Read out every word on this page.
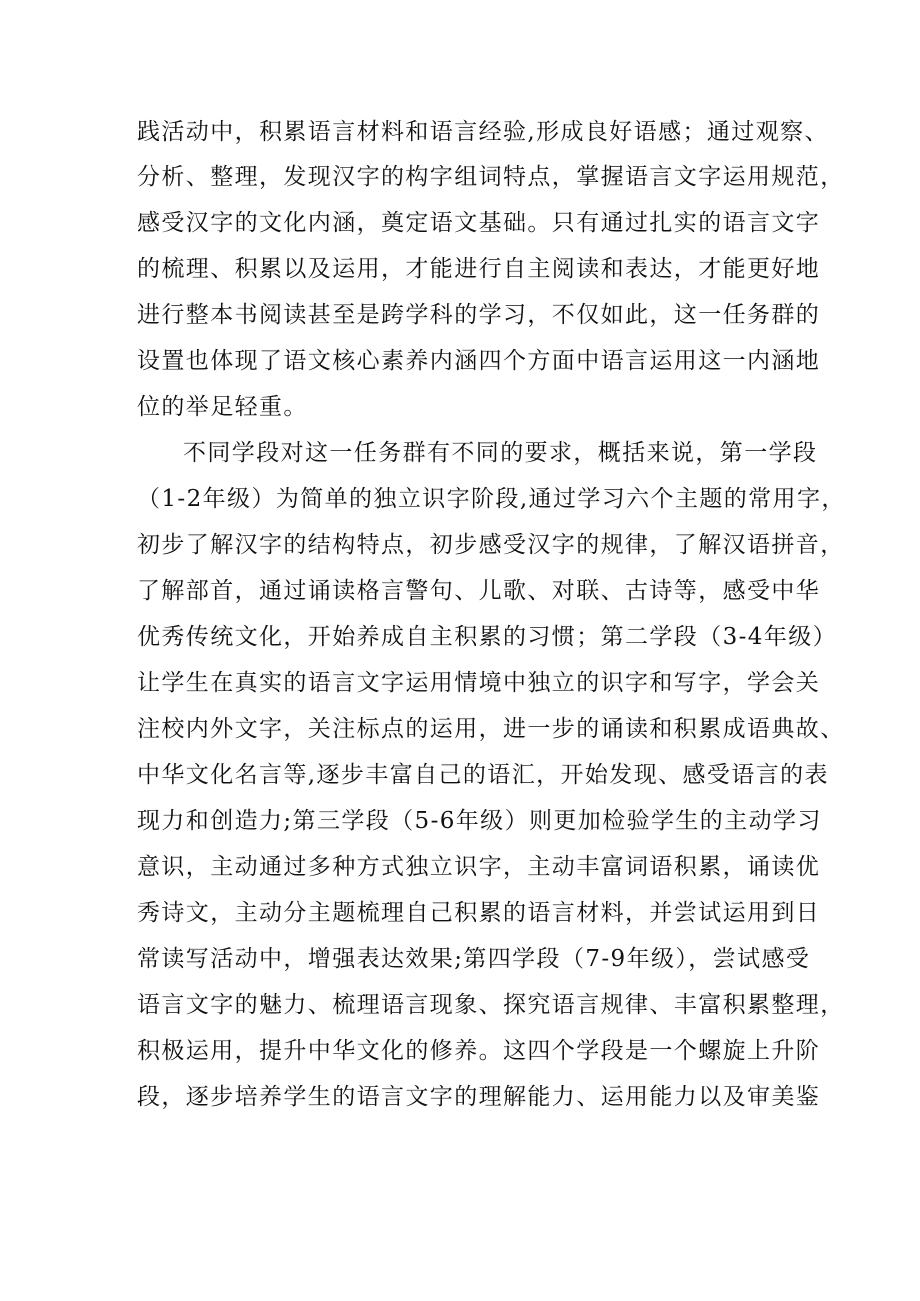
践活动中，积累语言材料和语言经验,形成良好语感；通过观察、
分析、整理，发现汉字的构字组词特点，掌握语言文字运用规范，
感受汉字的文化内涵，奠定语文基础。只有通过扎实的语言文字
的梳理、积累以及运用，才能进行自主阅读和表达，才能更好地
进行整本书阅读甚至是跨学科的学习，不仅如此，这一任务群的
设置也体现了语文核心素养内涵四个方面中语言运用这一内涵地
位的举足轻重。
不同学段对这一任务群有不同的要求，概括来说，第一学段
（1-2年级）为简单的独立识字阶段,通过学习六个主题的常用字，
初步了解汉字的结构特点，初步感受汉字的规律，了解汉语拼音，
了解部首，通过诵读格言警句、儿歌、对联、古诗等，感受中华
优秀传统文化，开始养成自主积累的习惯；第二学段（3-4年级）
让学生在真实的语言文字运用情境中独立的识字和写字，学会关
注校内外文字，关注标点的运用，进一步的诵读和积累成语典故、
中华文化名言等,逐步丰富自己的语汇，开始发现、感受语言的表
现力和创造力;第三学段（5-6年级）则更加检验学生的主动学习
意识，主动通过多种方式独立识字，主动丰富词语积累，诵读优
秀诗文，主动分主题梳理自己积累的语言材料，并尝试运用到日
常读写活动中，增强表达效果;第四学段（7-9年级），尝试感受
语言文字的魅力、梳理语言现象、探究语言规律、丰富积累整理，
积极运用，提升中华文化的修养。这四个学段是一个螺旋上升阶
段，逐步培养学生的语言文字的理解能力、运用能力以及审美鉴
